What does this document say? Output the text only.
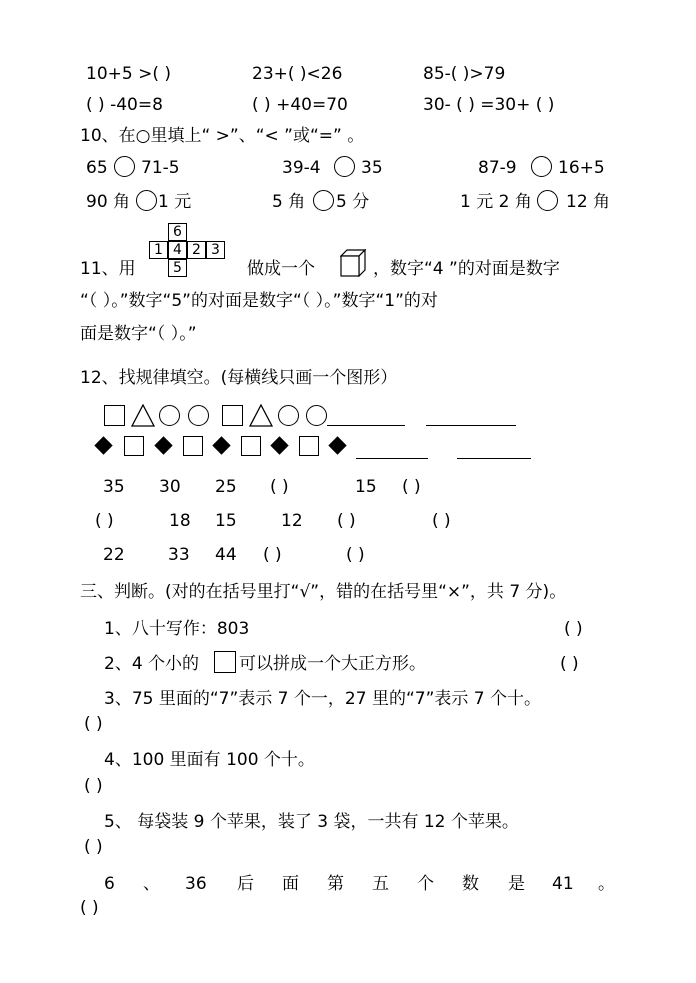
10+5 >( )	23+( )<26	85-( )>79
( ) -40=8	( ) +40=70	30- ( ) =30+ ( )
10、在○里填上“ >”、“< ”或“=” 。
65 71-5	39-4 35	87-9 16+5
90 角 1 元	5 角 5 分	1 元 2 角 12 角
11、用
6
1 4 2 3
5	做成一个	，数字“4 ”的对面是数字
“（ ）。”数字“5”的对面是数字“（ ）。”数字“1”的对
面是数字“（ ）。”
12、找规律填空。(每横线只画一个图形）
35 30 25 ( )	15 ( )
( )	18 15	12 ( )	( )
22	33 44 ( )	( )
三、判断。(对的在括号里打“√”，错的在括号里“×”，共 7 分)。
1、八十写作：803	( )
2、4 个小的 可以拼成一个大正方形。	( )
3、75 里面的“7”表示 7 个一，27 里的“7”表示 7 个十。
( )
4、100 里面有 100 个十。
( )
5、 每袋装 9 个苹果，装了 3 袋，一共有 12 个苹果。
( )
6 、 36 后 面 第 五 个 数 是 41 。
( )
